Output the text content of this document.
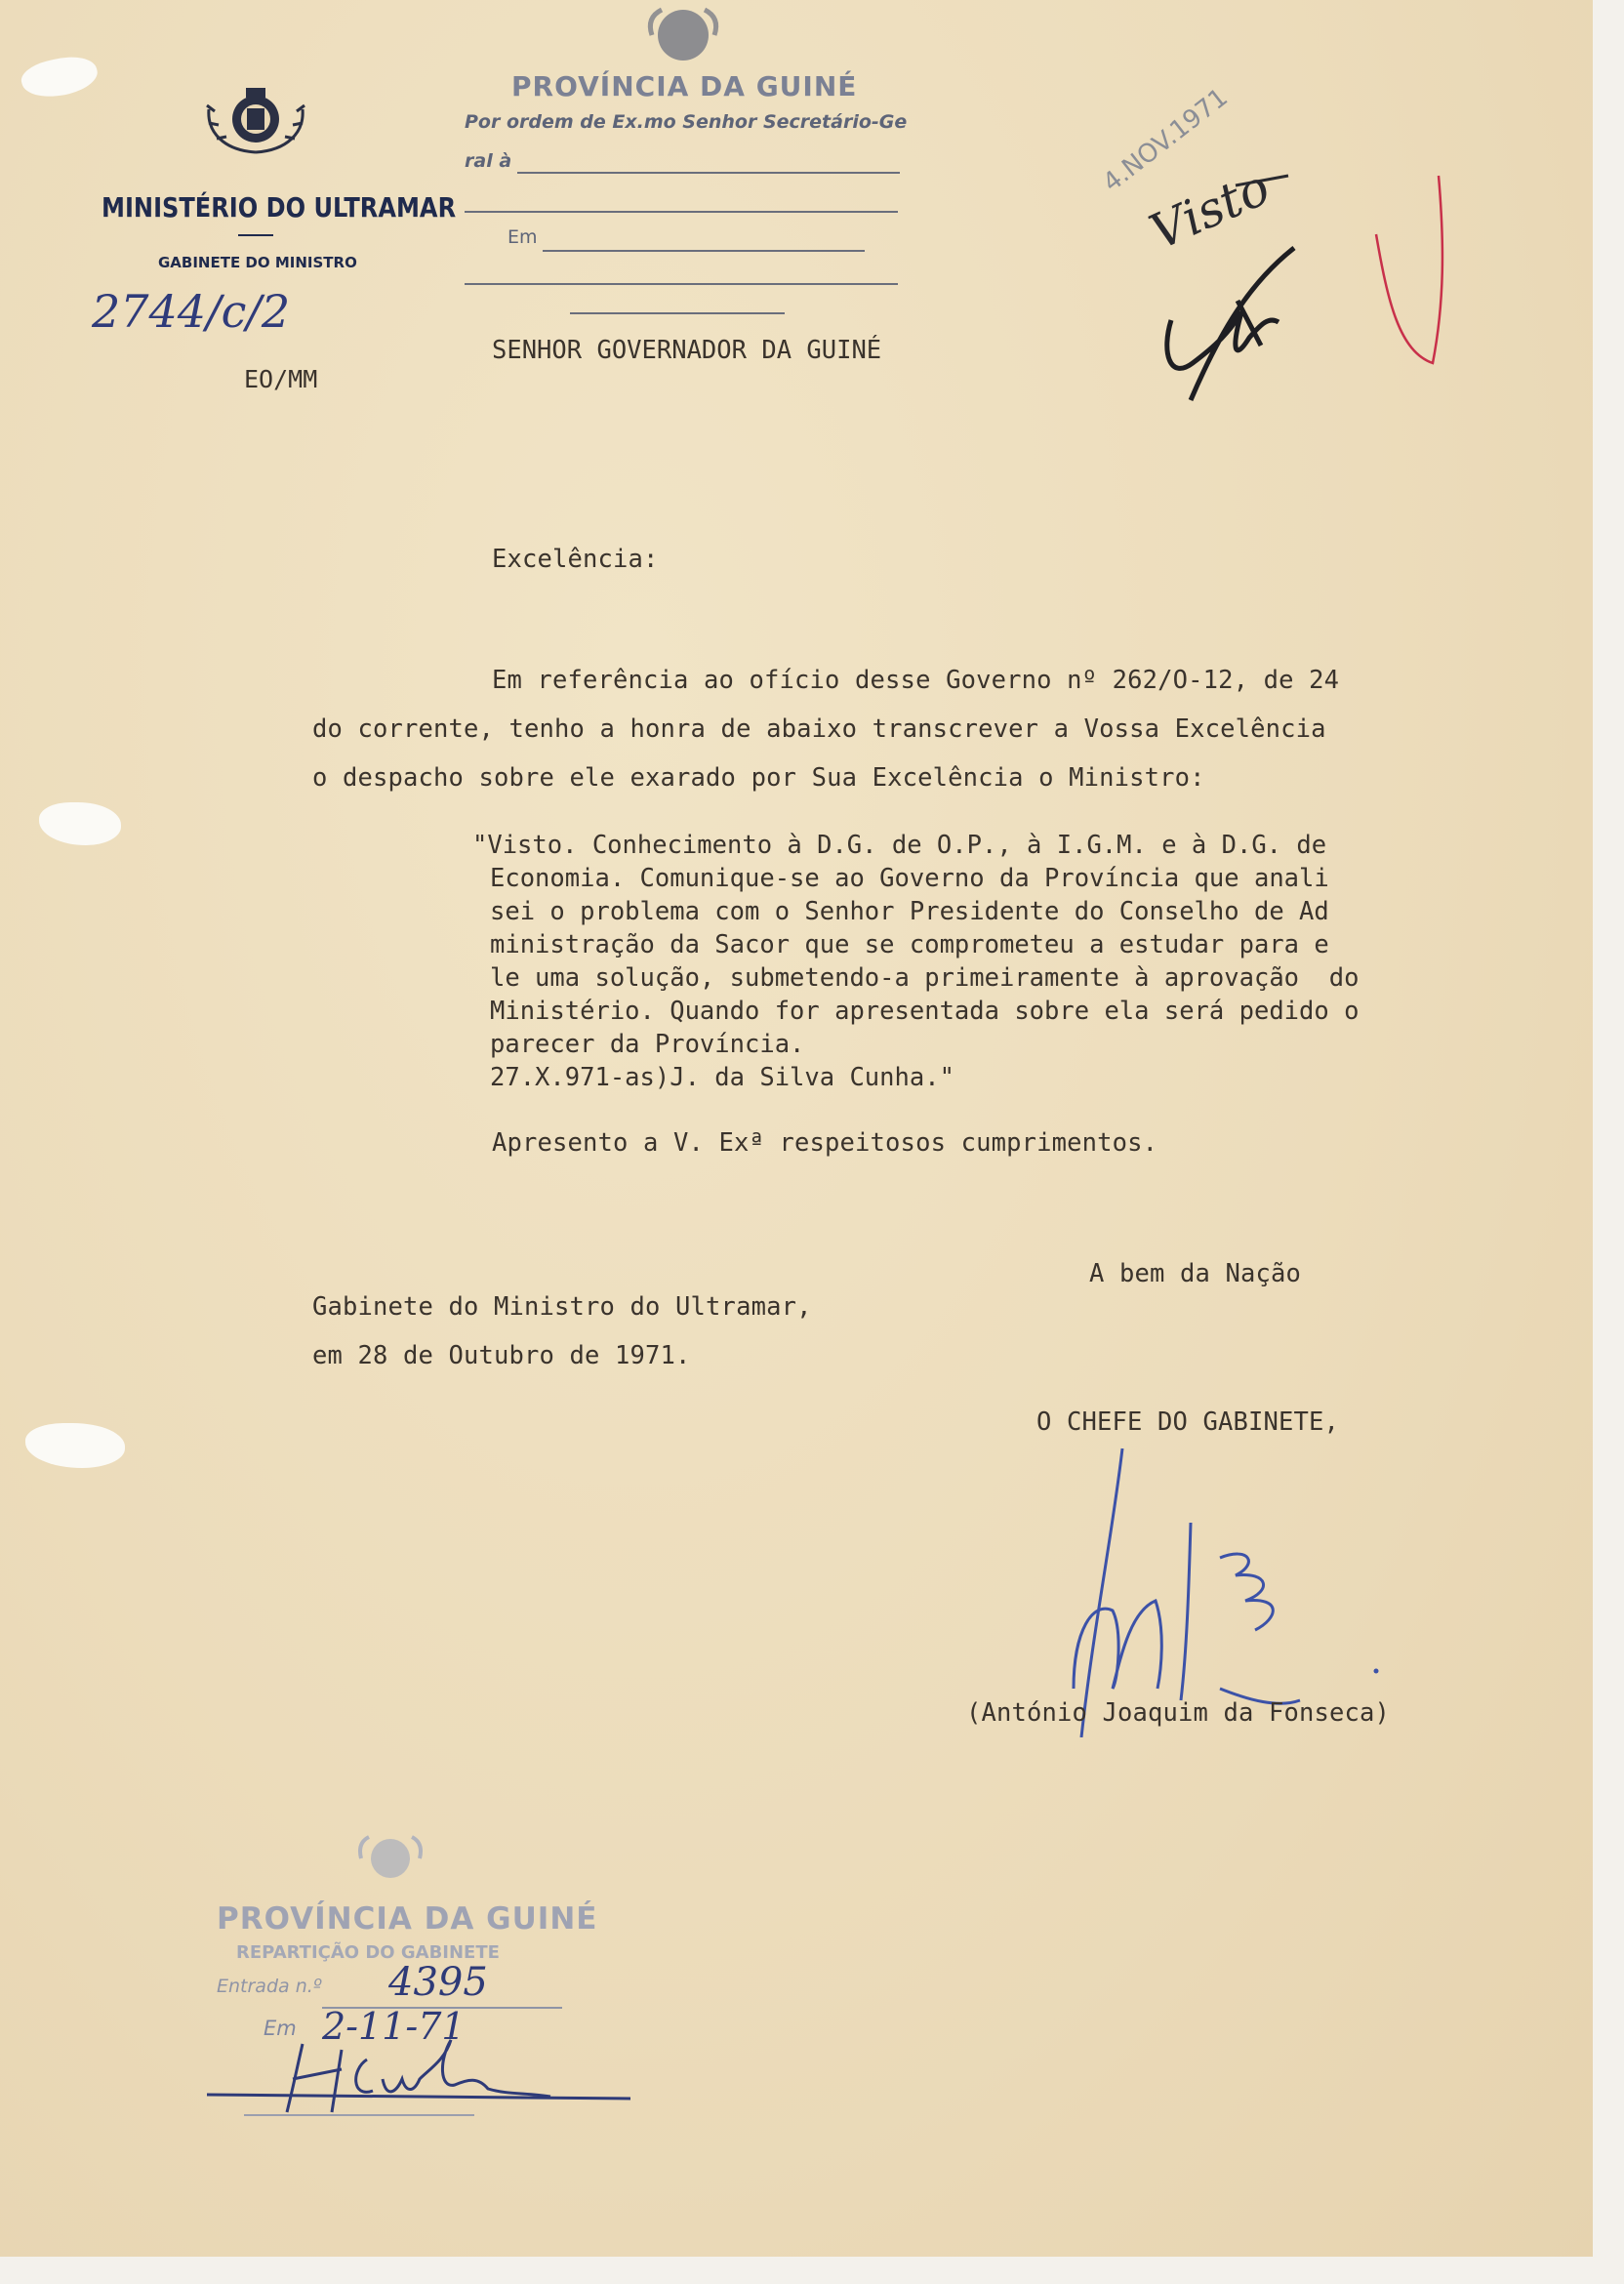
MINISTÉRIO DO ULTRAMAR
GABINETE DO MINISTRO
2744/c/2
EO/MM
PROVÍNCIA DA GUINÉ
Por ordem de Ex.mo Senhor Secretário-Ge
ral à
Em
SENHOR GOVERNADOR DA GUINÉ
4.NOV.1971
Visto
Excelência:
Em referência ao ofício desse Governo nº 262/O-12, de 24
do corrente, tenho a honra de abaixo transcrever a Vossa Excelência
o despacho sobre ele exarado por Sua Excelência o Ministro:
"Visto. Conhecimento à D.G. de O.P., à I.G.M. e à D.G. de
Economia. Comunique-se ao Governo da Província que anali
sei o problema com o Senhor Presidente do Conselho de Ad
ministração da Sacor que se comprometeu a estudar para e
le uma solução, submetendo-a primeiramente à aprovação  do
Ministério. Quando for apresentada sobre ela será pedido o
parecer da Província.
27.X.971-as)J. da Silva Cunha."
Apresento a V. Exª respeitosos cumprimentos.
A bem da Nação
Gabinete do Ministro do Ultramar,
em 28 de Outubro de 1971.
O CHEFE DO GABINETE,
(António Joaquim da Fonseca)
PROVÍNCIA DA GUINÉ
REPARTIÇÃO DO GABINETE
Entrada n.º 4395
Em 2-11-71
